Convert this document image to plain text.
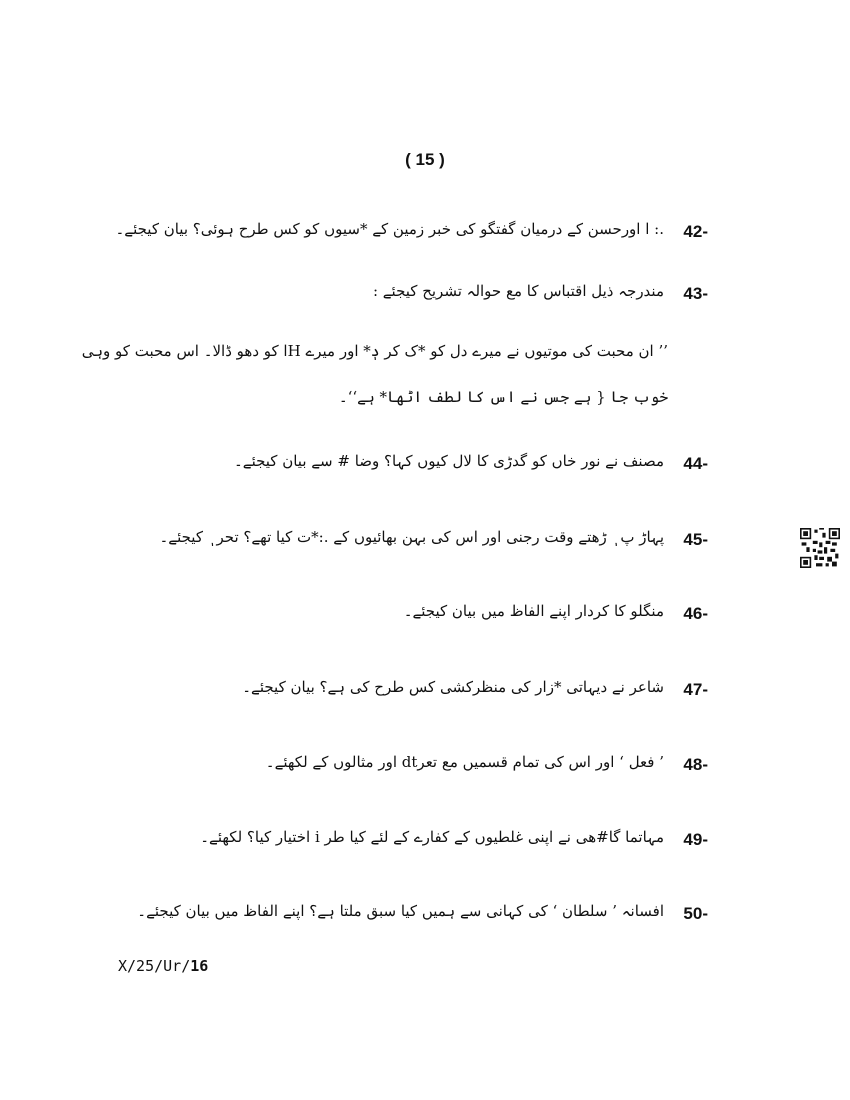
( 15 )
42-
.: ا اورحسن کے درمیان گفتگو کی خبر زمین کے *سیوں کو کس طرح ہوئی؟ بیان کیجئے۔
43-
مندرجہ ذیل اقتباس کا مع حوالہ تشریح کیجئے :
’’ ان محبت کی موتیوں نے میرے دل کو *ک کر دٖ* اور میرے Hا کو دھو ڈالا۔ اس محبت کو وہی
خوب جا { ہے جس نے اس کا لطف اٹھا* ہے‘‘۔
44-
مصنف نے نور خاں کو گدڑی کا لال کیوں کہا؟ وضا # سے بیان کیجئے۔
45-
پہاڑ پ ٖ ڑھتے وقت رجنی اور اس کی بہن بھائیوں کے .:*ت کیا تھے؟ تحر ٖ کیجئے۔
46-
منگلو کا کردار اپنے الفاظ میں بیان کیجئے۔
47-
شاعر نے دیہاتی *زار کی منظرکشی کس طرح کی ہے؟ بیان کیجئے۔
48-
’ فعل ‘ اور اس کی تمام قسمیں مع تعرdt اور مثالوں کے لکھئے۔
49-
مہاتما گا#ھی نے اپنی غلطیوں کے کفارے کے لئے کیا طر i اختیار کیا؟ لکھئے۔
50-
افسانہ ’ سلطان ‘ کی کہانی سے ہمیں کیا سبق ملتا ہے؟ اپنے الفاظ میں بیان کیجئے۔
X/25/Ur/16
